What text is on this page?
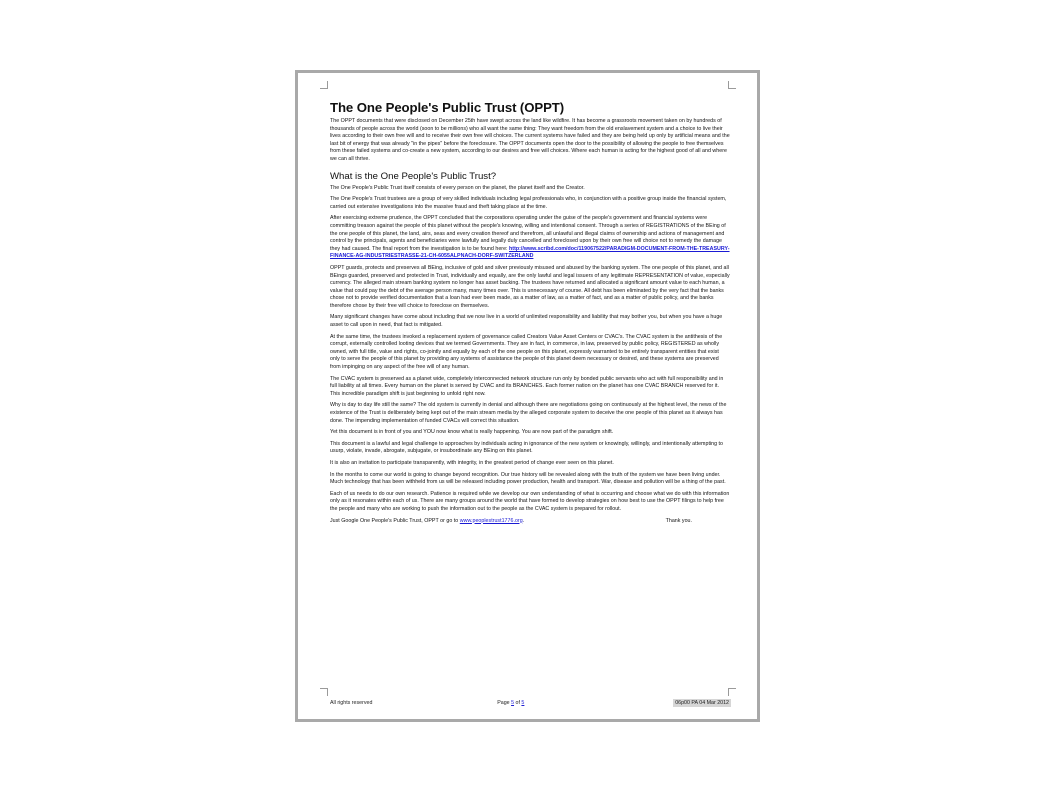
The One People's Public Trust (OPPT)

The OPPT documents that were disclosed on December 25th have swept across the land like wildfire. It has become a grassroots movement taken on by hundreds of thousands of people across the world (soon to be millions) who all want the same thing: They want freedom from the old enslavement system and a choice to live their lives according to their own free will and to receive their own free will choices. The current systems have failed and they are being held up only by artificial means and the last bit of energy that was already "in the pipes" before the foreclosure. The OPPT documents open the door to the possibility of allowing the people to free themselves from these failed systems and co-create a new system, according to our desires and free will choices. Where each human is acting for the highest good of all and where we can all thrive.

What is the One People's Public Trust?

The One People's Public Trust itself consists of every person on the planet, the planet itself and the Creator.

The One People's Trust trustees are a group of very skilled individuals including legal professionals who, in conjunction with a positive group inside the financial system, carried out extensive investigations into the massive fraud and theft taking place at the time.

After exercising extreme prudence, the OPPT concluded that the corporations operating under the guise of the people's government and financial systems were committing treason against the people of this planet without the people's knowing, willing and intentional consent. Through a series of REGISTRATIONS of the BEing of the one people of this planet, the land, airs, seas and every creation thereof and therefrom, all unlawful and illegal claims of ownership and actions of management and control by the principals, agents and beneficiaries were lawfully and legally duly cancelled and foreclosed upon by their own free will choice not to remedy the damage they had caused. The final report from the investigation is to be found here: http://www.scribd.com/doc/119067522/PARADIGM-DOCUMENT-FROM-THE-TREASURY-FINANCE-AG-INDUSTRIESTRASSE-21-CH-6055ALPNACH-DORF-SWITZERLAND

OPPT guards, protects and preserves all BEing, inclusive of gold and silver previously misused and abused by the banking system. The one people of this planet, and all BEings guarded, preserved and protected in Trust, individually and equally, are the only lawful and legal issuers of any legitimate REPRESENTATION of value, especially currency. The alleged main stream banking system no longer has asset backing. The trustees have returned and allocated a significant amount value to each human, a value that could pay the debt of the average person many, many times over. This is unnecessary of course. All debt has been eliminated by the very fact that the banks chose not to provide verified documentation that a loan had ever been made, as a matter of law, as a matter of fact, and as a matter of public policy, and the banks therefore chose by their free will choice to foreclose on themselves.

Many significant changes have come about including that we now live in a world of unlimited responsibility and liability that may bother you, but when you have a huge asset to call upon in need, that fact is mitigated.

At the same time, the trustees invoked a replacement system of governance called Creators Value Asset Centers or CVAC's. The CVAC system is the antithesis of the corrupt, externally controlled looting devices that we termed Governments. They are in fact, in commerce, in law, preserved by public policy, REGISTERED as wholly owned, with full title, value and rights, co-jointly and equally by each of the one people on this planet, expressly warranted to be entirely transparent entities that exist only to serve the people of this planet by providing any systems of assistance the people of this planet deem necessary or desired, and these systems are preserved from impinging on any aspect of the free will of any human.

The CVAC system is preserved as a planet wide, completely interconnected network structure run only by bonded public servants who act with full responsibility and in full liability at all times. Every human on the planet is served by CVAC and its BRANCHES. Each former nation on the planet has one CVAC BRANCH reserved for it. This incredible paradigm shift is just beginning to unfold right now.

Why is day to day life still the same? The old system is currently in denial and although there are negotiations going on continuously at the highest level, the news of the existence of the Trust is deliberately being kept out of the main stream media by the alleged corporate system to deceive the one people of this planet as it always has done. The impending implementation of funded CVACs will correct this situation.

Yet this document is in front of you and YOU now know what is really happening. You are now part of the paradigm shift.

This document is a lawful and legal challenge to approaches by individuals acting in ignorance of the new system or knowingly, willingly, and intentionally attempting to usurp, violate, invade, abrogate, subjugate, or insubordinate any BEing on this planet.

It is also an invitation to participate transparently, with integrity, in the greatest period of change ever seen on this planet.

In the months to come our world is going to change beyond recognition. Our true history will be revealed along with the truth of the system we have been living under. Much technology that has been withheld from us will be released including power production, health and transport. War, disease and pollution will be a thing of the past.

Each of us needs to do our own research. Patience is required while we develop our own understanding of what is occurring and choose what we do with this information only as it resonates within each of us. There are many groups around the world that have formed to develop strategies on how best to use the OPPT filings to help free the people and many who are working to push the information out to the people as the CVAC system is prepared for rollout.

Just Google One People's Public Trust, OPPT or go to www.peoplestrust1776.org.	Thank you.

All rights reserved	Page 5 of 5	06p00 PA 04 Mar 2012
